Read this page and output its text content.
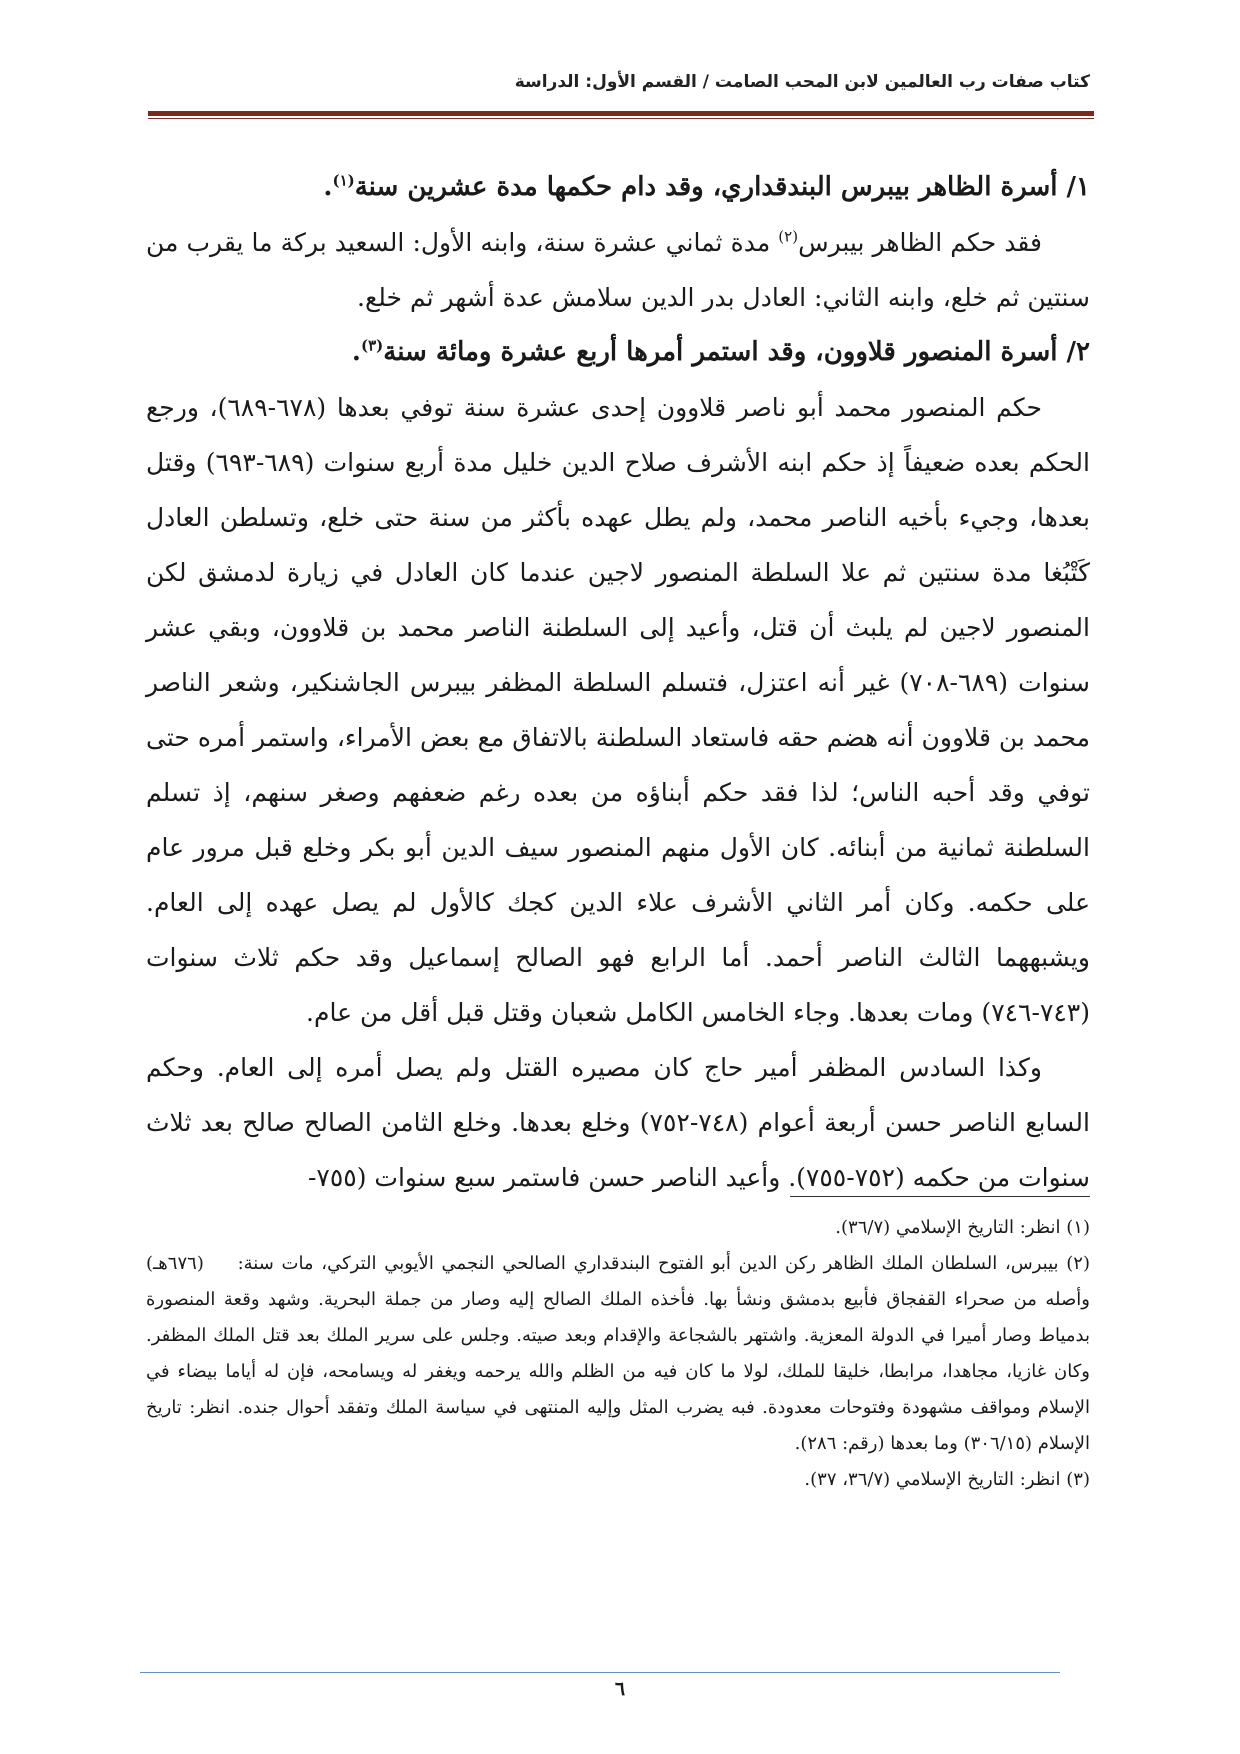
كتاب صفات رب العالمين لابن المحب الصامت / القسم الأول: الدراسة

١/ أسرة الظاهر بيبرس البندقداري، وقد دام حكمها مدة عشرين سنة$^{(١)}$.

فقد حكم الظاهر بيبرس$^{(٢)}$ مدة ثماني عشرة سنة، وابنه الأول: السعيد بركة ما يقرب من سنتين ثم خلع، وابنه الثاني: العادل بدر الدين سلامش عدة أشهر ثم خلع.

٢/ أسرة المنصور قلاوون، وقد استمر أمرها أربع عشرة ومائة سنة$^{(٣)}$.

حكم المنصور محمد أبو ناصر قلاوون إحدى عشرة سنة توفي بعدها (٦٧٨-٦٨٩)، ورجع الحكم بعده ضعيفاً إذ حكم ابنه الأشرف صلاح الدين خليل مدة أربع سنوات (٦٨٩-٦٩٣) وقتل بعدها، وجيء بأخيه الناصر محمد، ولم يطل عهده بأكثر من سنة حتى خلع، وتسلطن العادل كَتْبُغا مدة سنتين ثم علا السلطة المنصور لاجين عندما كان العادل في زيارة لدمشق لكن المنصور لاجين لم يلبث أن قتل، وأعيد إلى السلطنة الناصر محمد بن قلاوون، وبقي عشر سنوات (٦٨٩-٧٠٨) غير أنه اعتزل، فتسلم السلطة المظفر بيبرس الجاشنكير، وشعر الناصر محمد بن قلاوون أنه هضم حقه فاستعاد السلطنة بالاتفاق مع بعض الأمراء، واستمر أمره حتى توفي وقد أحبه الناس؛ لذا فقد حكم أبناؤه من بعده رغم ضعفهم وصغر سنهم، إذ تسلم السلطنة ثمانية من أبنائه. كان الأول منهم المنصور سيف الدين أبو بكر وخلع قبل مرور عام على حكمه. وكان أمر الثاني الأشرف علاء الدين كجك كالأول لم يصل عهده إلى العام. ويشبههما الثالث الناصر أحمد. أما الرابع فهو الصالح إسماعيل وقد حكم ثلاث سنوات (٧٤٣-٧٤٦) ومات بعدها. وجاء الخامس الكامل شعبان وقتل قبل أقل من عام.

وكذا السادس المظفر أمير حاج كان مصيره القتل ولم يصل أمره إلى العام. وحكم السابع الناصر حسن أربعة أعوام (٧٤٨-٧٥٢) وخلع بعدها. وخلع الثامن الصالح صالح بعد ثلاث سنوات من حكمه (٧٥٢-٧٥٥). وأعيد الناصر حسن فاستمر سبع سنوات (٧٥٥-

(١) انظر: التاريخ الإسلامي (٣٦/٧).

(٢) بيبرس، السلطان الملك الظاهر ركن الدين أبو الفتوح البندقداري الصالحي النجمي الأيوبي التركي، مات سنة: (٦٧٦هـ) وأصله من صحراء القفجاق فأبيع بدمشق ونشأ بها. فأخذه الملك الصالح إليه وصار من جملة البحرية. وشهد وقعة المنصورة بدمياط وصار أميرا في الدولة المعزية. واشتهر بالشجاعة والإقدام وبعد صيته. وجلس على سرير الملك بعد قتل الملك المظفر. وكان غازيا، مجاهدا، مرابطا، خليقا للملك، لولا ما كان فيه من الظلم والله يرحمه ويغفر له ويسامحه، فإن له أياما بيضاء في الإسلام ومواقف مشهودة وفتوحات معدودة. فبه يضرب المثل وإليه المنتهى في سياسة الملك وتفقد أحوال جنده. انظر: تاريخ الإسلام (٣٠٦/١٥) وما بعدها (رقم: ٢٨٦).

(٣) انظر: التاريخ الإسلامي (٣٦/٧، ٣٧).

٦
